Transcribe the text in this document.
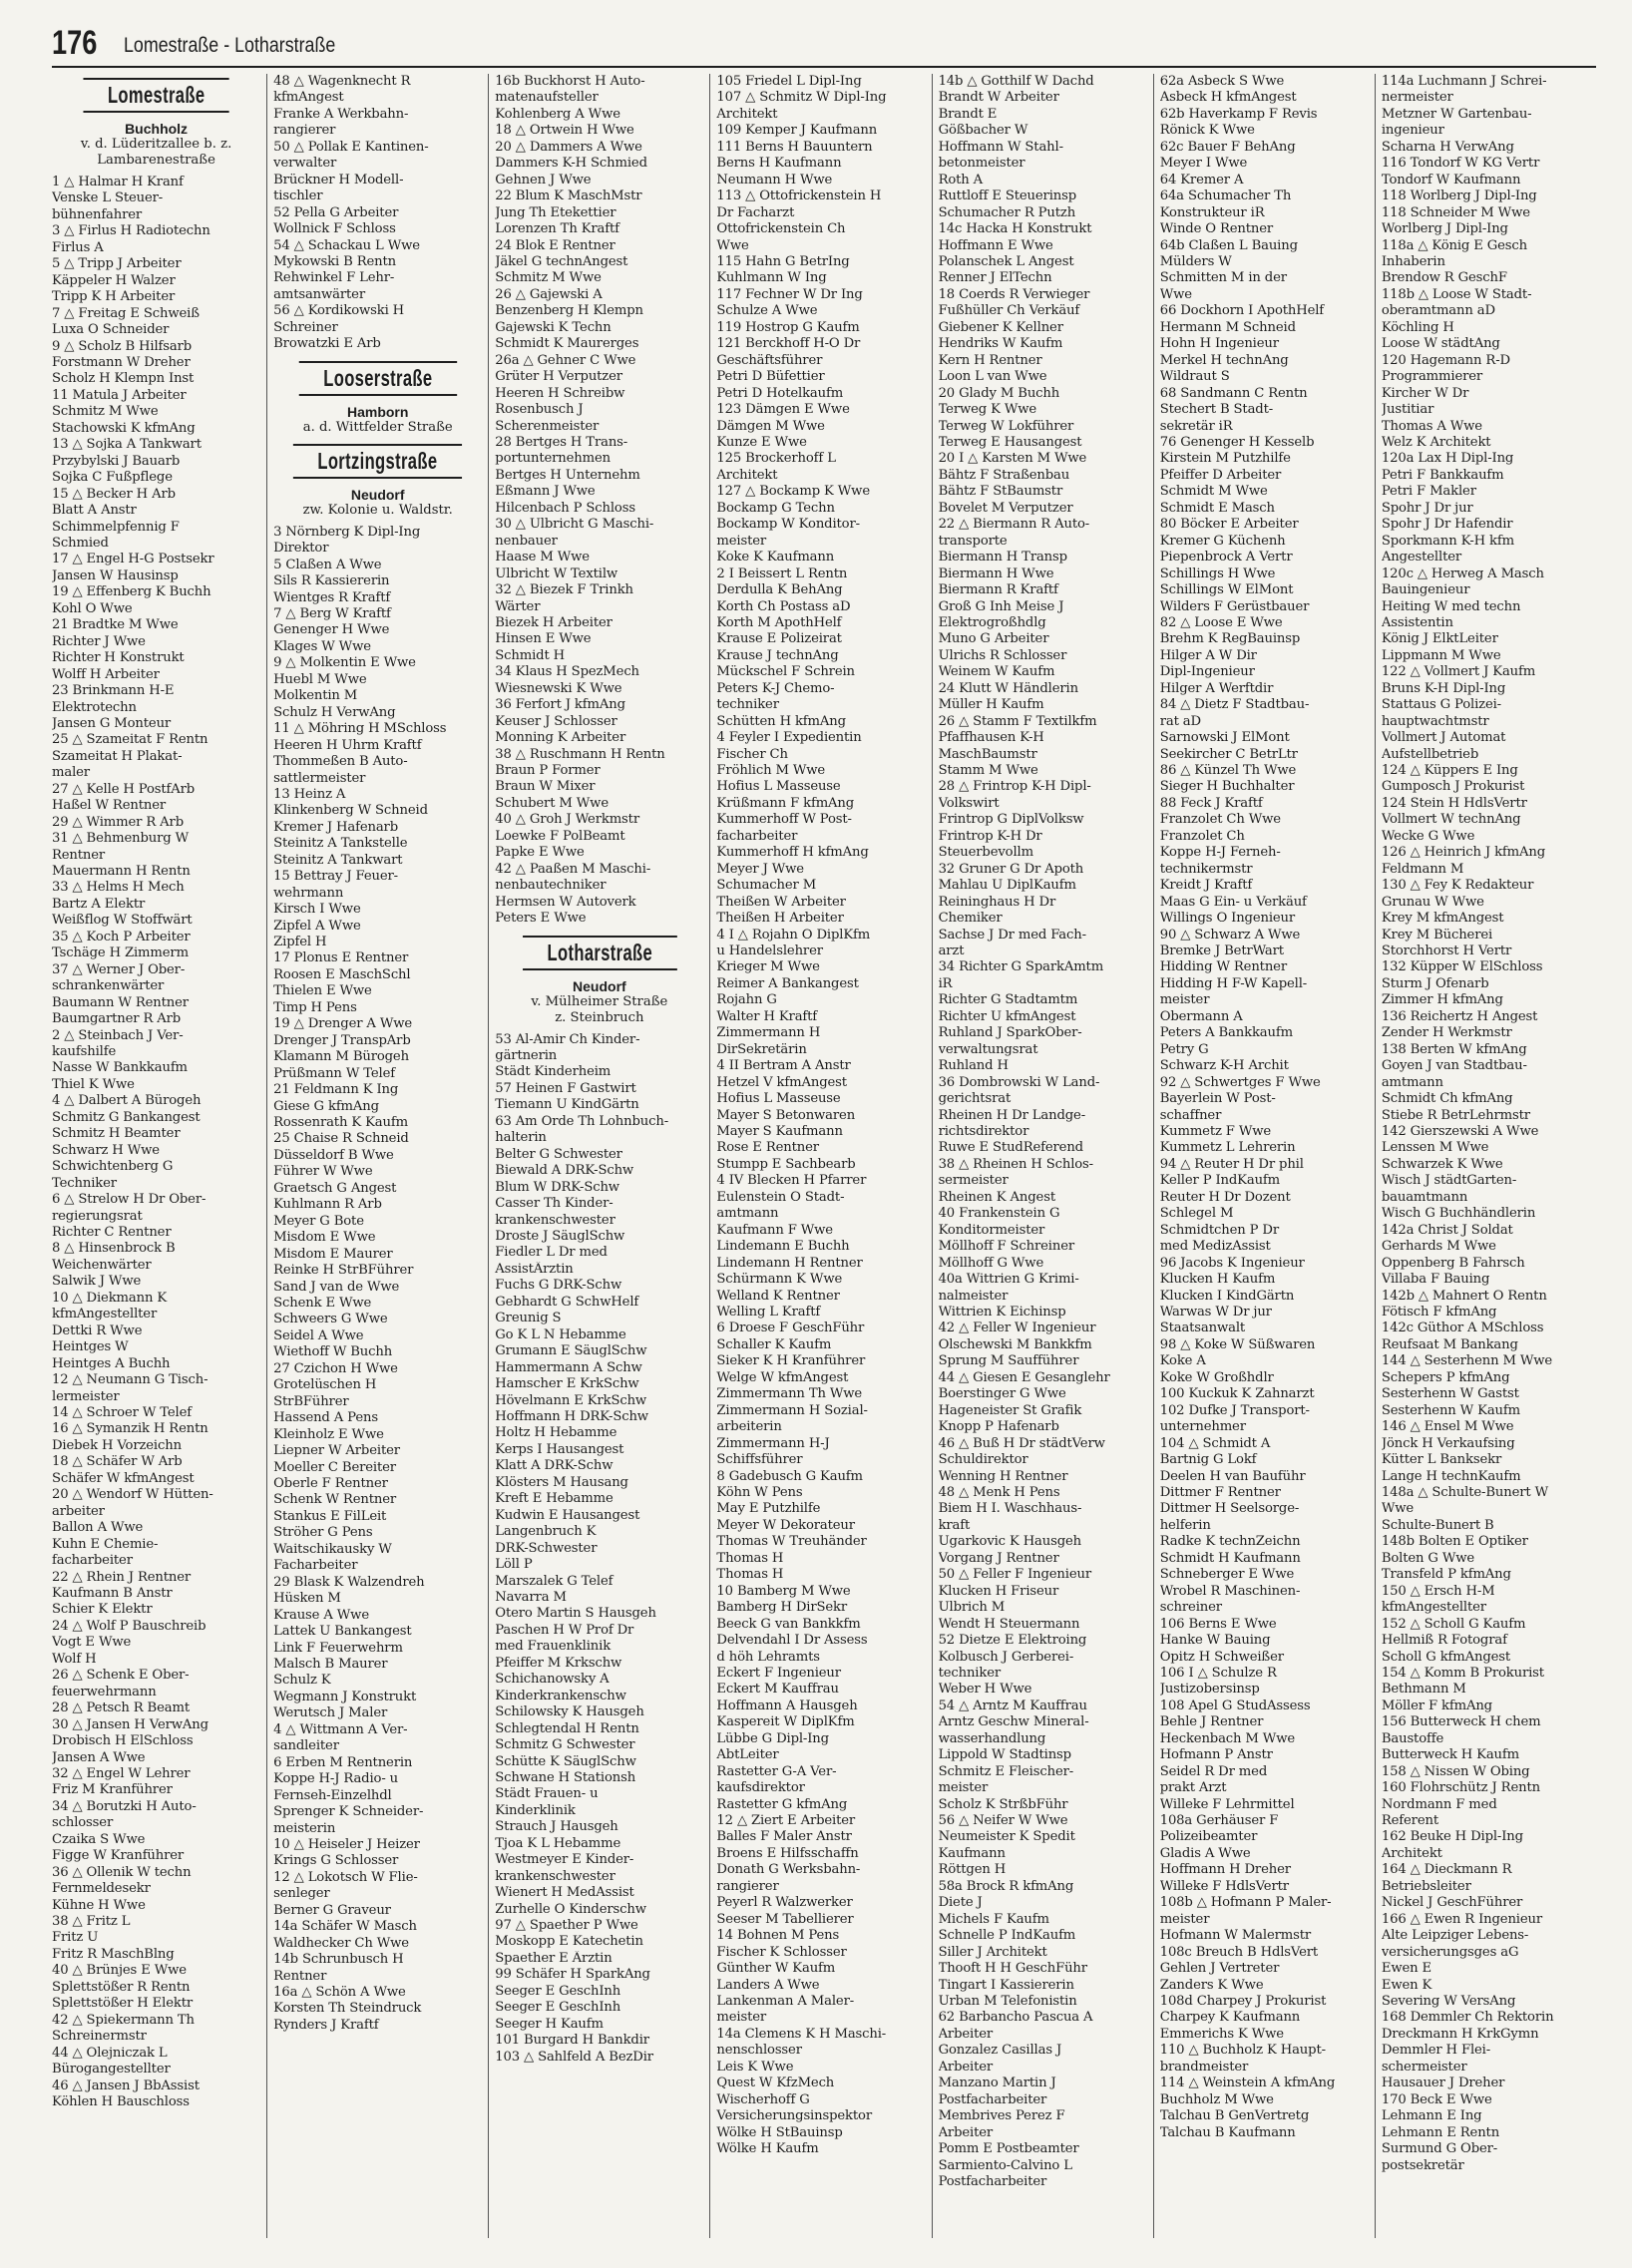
176 Lomestraße - Lotharstraße
Lomestraße
Buchholz
v. d. Lüderitzallee b. z.
Lambarenestraße
1 △ Halmar H Kranf
Venske L Steuer-
bühnenfahrer
3 △ Firlus H Radiotechn
Firlus A
5 △ Tripp J Arbeiter
Käppeler H Walzer
Tripp K H Arbeiter
7 △ Freitag E Schweiß
Luxa O Schneider
9 △ Scholz B Hilfsarb
Forstmann W Dreher
Scholz H Klempn Inst
11 Matula J Arbeiter
Schmitz M Wwe
Stachowski K kfmAng
13 △ Sojka A Tankwart
Przybylski J Bauarb
Sojka C Fußpflege
15 △ Becker H Arb
Blatt A Anstr
Schimmelpfennig F
Schmied
17 △ Engel H-G Postsekr
Jansen W Hausinsp
19 △ Effenberg K Buchh
Kohl O Wwe
21 Bradtke M Wwe
Richter J Wwe
Richter H Konstrukt
Wolff H Arbeiter
23 Brinkmann H-E
Elektrotechn
Jansen G Monteur
25 △ Szameitat F Rentn
Szameitat H Plakat-
maler
27 △ Kelle H PostfArb
Haßel W Rentner
29 △ Wimmer R Arb
31 △ Behmenburg W
Rentner
Mauermann H Rentn
33 △ Helms H Mech
Bartz A Elektr
Weißflog W Stoffwärt
35 △ Koch P Arbeiter
Tschäge H Zimmerm
37 △ Werner J Ober-
schrankenwärter
Baumann W Rentner
Baumgartner R Arb
2 △ Steinbach J Ver-
kaufshilfe
Nasse W Bankkaufm
Thiel K Wwe
4 △ Dalbert A Bürogeh
Schmitz G Bankangest
Schmitz H Beamter
Schwarz H Wwe
Schwichtenberg G
Techniker
6 △ Strelow H Dr Ober-
regierungsrat
Richter C Rentner
8 △ Hinsenbrock B
Weichenwärter
Salwik J Wwe
10 △ Diekmann K
kfmAngestellter
Dettki R Wwe
Heintges W
Heintges A Buchh
12 △ Neumann G Tisch-
lermeister
14 △ Schroer W Telef
16 △ Symanzik H Rentn
Diebek H Vorzeichn
18 △ Schäfer W Arb
Schäfer W kfmAngest
20 △ Wendorf W Hütten-
arbeiter
Ballon A Wwe
Kuhn E Chemie-
facharbeiter
22 △ Rhein J Rentner
Kaufmann B Anstr
Schier K Elektr
24 △ Wolf P Bauschreib
Vogt E Wwe
Wolf H
26 △ Schenk E Ober-
feuerwehrmann
28 △ Petsch R Beamt
30 △ Jansen H VerwAng
Drobisch H ElSchloss
Jansen A Wwe
32 △ Engel W Lehrer
Friz M Kranführer
34 △ Borutzki H Auto-
schlosser
Czaika S Wwe
Figge W Kranführer
36 △ Ollenik W techn
Fernmeldesekr
Kühne H Wwe
38 △ Fritz L
Fritz U
Fritz R MaschBlng
40 △ Brünjes E Wwe
Splettstößer R Rentn
Splettstößer H Elektr
42 △ Spiekermann Th
Schreinermstr
44 △ Olejniczak L
Bürogangestellter
46 △ Jansen J BbAssist
Köhlen H Bauschloss
48 △ Wagenknecht R
kfmAngest
Franke A Werkbahn-
rangierer
50 △ Pollak E Kantinen-
verwalter
Brückner H Modell-
tischler
52 Pella G Arbeiter
Wollnick F Schloss
54 △ Schackau L Wwe
Mykowski B Rentn
Rehwinkel F Lehr-
amtsanwärter
56 △ Kordikowski H
Schreiner
Browatzki E Arb
Looserstraße
Hamborn
a. d. Wittfelder Straße
Lortzingstraße
Neudorf
zw. Kolonie u. Waldstr.
3 Nörnberg K Dipl-Ing
Direktor
5 Claßen A Wwe
Sils R Kassiererin
Wientges R Kraftf
7 △ Berg W Kraftf
Genenger H Wwe
Klages W Wwe
9 △ Molkentin E Wwe
Huebl M Wwe
Molkentin M
Schulz H VerwAng
11 △ Möhring H MSchloss
Heeren H Uhrm Kraftf
Thommeßen B Auto-
sattlermeister
13 Heinz A
Klinkenberg W Schneid
Kremer J Hafenarb
Steinitz A Tankstelle
Steinitz A Tankwart
15 Bettray J Feuer-
wehrmann
Kirsch I Wwe
Zipfel A Wwe
Zipfel H
17 Plonus E Rentner
Roosen E MaschSchl
Thielen E Wwe
Timp H Pens
19 △ Drenger A Wwe
Drenger J TranspArb
Klamann M Bürogeh
Prüßmann W Telef
21 Feldmann K Ing
Giese G kfmAng
Rossenrath K Kaufm
25 Chaise R Schneid
Düsseldorf B Wwe
Führer W Wwe
Graetsch G Angest
Kuhlmann R Arb
Meyer G Bote
Misdom E Wwe
Misdom E Maurer
Reinke H StrBFührer
Sand J van de Wwe
Schenk E Wwe
Schweers G Wwe
Seidel A Wwe
Wiethoff W Buchh
27 Czichon H Wwe
Grotelüschen H
StrBFührer
Hassend A Pens
Kleinholz E Wwe
Liepner W Arbeiter
Moeller C Bereiter
Oberle F Rentner
Schenk W Rentner
Stankus E FilLeit
Ströher G Pens
Waitschikausky W
Facharbeiter
29 Blask K Walzendreh
Hüsken M
Krause A Wwe
Lattek U Bankangest
Link F Feuerwehrm
Malsch B Maurer
Schulz K
Wegmann J Konstrukt
Werutsch J Maler
4 △ Wittmann A Ver-
sandleiter
6 Erben M Rentnerin
Koppe H-J Radio- u
Fernseh-Einzelhdl
Sprenger K Schneider-
meisterin
10 △ Heiseler J Heizer
Krings G Schlosser
12 △ Lokotsch W Flie-
senleger
Berner G Graveur
14a Schäfer W Masch
Waldhecker Ch Wwe
14b Schrunbusch H
Rentner
16a △ Schön A Wwe
Korsten Th Steindruck
Rynders J Kraftf
16b Buckhorst H Auto-
matenaufsteller
Kohlenberg A Wwe
18 △ Ortwein H Wwe
20 △ Dammers A Wwe
Dammers K-H Schmied
Gehnen J Wwe
22 Blum K MaschMstr
Jung Th Etekettier
Lorenzen Th Kraftf
24 Blok E Rentner
Jäkel G technAngest
Schmitz M Wwe
26 △ Gajewski A
Benzenberg H Klempn
Gajewski K Techn
Schmidt K Maurerges
26a △ Gehner C Wwe
Grüter H Verputzer
Heeren H Schreibw
Rosenbusch J
Scherenmeister
28 Bertges H Trans-
portunternehmen
Bertges H Unternehm
Eßmann J Wwe
Hilcenbach P Schloss
30 △ Ulbricht G Maschi-
nenbauer
Haase M Wwe
Ulbricht W Textilw
32 △ Biezek F Trinkh
Wärter
Biezek H Arbeiter
Hinsen E Wwe
Schmidt H
34 Klaus H SpezMech
Wiesnewski K Wwe
36 Ferfort J kfmAng
Keuser J Schlosser
Monning K Arbeiter
38 △ Ruschmann H Rentn
Braun P Former
Braun W Mixer
Schubert M Wwe
40 △ Groh J Werkmstr
Loewke F PolBeamt
Papke E Wwe
42 △ Paaßen M Maschi-
nenbautechniker
Hermsen W Autoverk
Peters E Wwe
Lotharstraße
Neudorf
v. Mülheimer Straße
z. Steinbruch
53 Al-Amir Ch Kinder-
gärtnerin
Städt Kinderheim
57 Heinen F Gastwirt
Tiemann U KindGärtn
63 Am Orde Th Lohnbuch-
halterin
Belter G Schwester
Biewald A DRK-Schw
Blum W DRK-Schw
Casser Th Kinder-
krankenschwester
Droste J SäuglSchw
Fiedler L Dr med
AssistÄrztin
Fuchs G DRK-Schw
Gebhardt G SchwHelf
Greunig S
Go K L N Hebamme
Grumann E SäuglSchw
Hammermann A Schw
Hamscher E KrkSchw
Hövelmann E KrkSchw
Hoffmann H DRK-Schw
Holtz H Hebamme
Kerps I Hausangest
Klatt A DRK-Schw
Klösters M Hausang
Kreft E Hebamme
Kudwin E Hausangest
Langenbruch K
DRK-Schwester
Löll P
Marszalek G Telef
Navarra M
Otero Martin S Hausgeh
Paschen H W Prof Dr
med Frauenklinik
Pfeiffer M Krkschw
Schichanowsky A
Kinderkrankenschw
Schilowsky K Hausgeh
Schlegtendal H Rentn
Schmitz G Schwester
Schütte K SäuglSchw
Schwane H Stationsh
Städt Frauen- u
Kinderklinik
Strauch J Hausgeh
Tjoa K L Hebamme
Westmeyer E Kinder-
krankenschwester
Wienert H MedAssist
Zurhelle O Kinderschw
97 △ Spaether P Wwe
Moskopp E Katechetin
Spaether E Ärztin
99 Schäfer H SparkAng
Seeger E GeschInh
Seeger E GeschInh
Seeger H Kaufm
101 Burgard H Bankdir
103 △ Sahlfeld A BezDir
105 Friedel L Dipl-Ing
107 △ Schmitz W Dipl-Ing
Architekt
109 Kemper J Kaufmann
111 Berns H Bauuntern
Berns H Kaufmann
Neumann H Wwe
113 △ Ottofrickenstein H
Dr Facharzt
Ottofrickenstein Ch
Wwe
115 Hahn G BetrIng
Kuhlmann W Ing
117 Fechner W Dr Ing
Schulze A Wwe
119 Hostrop G Kaufm
121 Berckhoff H-O Dr
Geschäftsführer
Petri D Büfettier
Petri D Hotelkaufm
123 Dämgen E Wwe
Dämgen M Wwe
Kunze E Wwe
125 Brockerhoff L
Architekt
127 △ Bockamp K Wwe
Bockamp G Techn
Bockamp W Konditor-
meister
Koke K Kaufmann
2 I Beissert L Rentn
Derdulla K BehAng
Korth Ch Postass aD
Korth M ApothHelf
Krause E Polizeirat
Krause J technAng
Mückschel F Schrein
Peters K-J Chemo-
techniker
Schütten H kfmAng
4 Feyler I Expedientin
Fischer Ch
Fröhlich M Wwe
Hofius L Masseuse
Krüßmann F kfmAng
Kummerhoff W Post-
facharbeiter
Kummerhoff H kfmAng
Meyer J Wwe
Schumacher M
Theißen W Arbeiter
Theißen H Arbeiter
4 I △ Rojahn O DiplKfm
u Handelslehrer
Krieger M Wwe
Reimer A Bankangest
Rojahn G
Walter H Kraftf
Zimmermann H
DirSekretärin
4 II Bertram A Anstr
Hetzel V kfmAngest
Hofius L Masseuse
Mayer S Betonwaren
Mayer S Kaufmann
Rose E Rentner
Stumpp E Sachbearb
4 IV Blecken H Pfarrer
Eulenstein O Stadt-
amtmann
Kaufmann F Wwe
Lindemann E Buchh
Lindemann H Rentner
Schürmann K Wwe
Welland K Rentner
Welling L Kraftf
6 Droese F GeschFühr
Schaller K Kaufm
Sieker K H Kranführer
Welge W kfmAngest
Zimmermann Th Wwe
Zimmermann H Sozial-
arbeiterin
Zimmermann H-J
Schiffsführer
8 Gadebusch G Kaufm
Köhn W Pens
May E Putzhilfe
Meyer W Dekorateur
Thomas W Treuhänder
Thomas H
Thomas H
10 Bamberg M Wwe
Bamberg H DirSekr
Beeck G van Bankkfm
Delvendahl I Dr Assess
d höh Lehramts
Eckert F Ingenieur
Eckert M Kauffrau
Hoffmann A Hausgeh
Kaspereit W DiplKfm
Lübbe G Dipl-Ing
AbtLeiter
Rastetter G-A Ver-
kaufsdirektor
Rastetter G kfmAng
12 △ Ziert E Arbeiter
Balles F Maler Anstr
Broens E Hilfsschaffn
Donath G Werksbahn-
rangierer
Peyerl R Walzwerker
Seeser M Tabellierer
14 Bohnen M Pens
Fischer K Schlosser
Günther W Kaufm
Landers A Wwe
Lankenman A Maler-
meister
14a Clemens K H Maschi-
nenschlosser
Leis K Wwe
Quest W KfzMech
Wischerhoff G
Versicherungsinspektor
Wölke H StBauinsp
Wölke H Kaufm
14b △ Gotthilf W Dachd
Brandt W Arbeiter
Brandt E
Gößbacher W
Hoffmann W Stahl-
betonmeister
Roth A
Ruttloff E Steuerinsp
Schumacher R Putzh
14c Hacka H Konstrukt
Hoffmann E Wwe
Polanschek L Angest
Renner J ElTechn
18 Coerds R Verwieger
Fußhüller Ch Verkäuf
Giebener K Kellner
Hendriks W Kaufm
Kern H Rentner
Loon L van Wwe
20 Glady M Buchh
Terweg K Wwe
Terweg W Lokführer
Terweg E Hausangest
20 I △ Karsten M Wwe
Bähtz F Straßenbau
Bähtz F StBaumstr
Bovelet M Verputzer
22 △ Biermann R Auto-
transporte
Biermann H Transp
Biermann H Wwe
Biermann R Kraftf
Groß G Inh Meise J
Elektrogroßhdlg
Muno G Arbeiter
Ulrichs R Schlosser
Weinem W Kaufm
24 Klutt W Händlerin
Müller H Kaufm
26 △ Stamm F Textilkfm
Pfaffhausen K-H
MaschBaumstr
Stamm M Wwe
28 △ Frintrop K-H Dipl-
Volkswirt
Frintrop G DiplVolksw
Frintrop K-H Dr
Steuerbevollm
32 Gruner G Dr Apoth
Mahlau U DiplKaufm
Reininghaus H Dr
Chemiker
Sachse J Dr med Fach-
arzt
34 Richter G SparkAmtm
iR
Richter G Stadtamtm
Richter U kfmAngest
Ruhland J SparkOber-
verwaltungsrat
Ruhland H
36 Dombrowski W Land-
gerichtsrat
Rheinen H Dr Landge-
richtsdirektor
Ruwe E StudReferend
38 △ Rheinen H Schlos-
sermeister
Rheinen K Angest
40 Frankenstein G
Konditormeister
Möllhoff F Schreiner
Möllhoff G Wwe
40a Wittrien G Krimi-
nalmeister
Wittrien K Eichinsp
42 △ Feller W Ingenieur
Olschewski M Bankkfm
Sprung M Saufführer
44 △ Giesen E Gesanglehr
Boerstinger G Wwe
Hageneister St Grafik
Knopp P Hafenarb
46 △ Buß H Dr städtVerw
Schuldirektor
Wenning H Rentner
48 △ Menk H Pens
Biem H I. Waschhaus-
kraft
Ugarkovic K Hausgeh
Vorgang J Rentner
50 △ Feller F Ingenieur
Klucken H Friseur
Ulbrich M
Wendt H Steuermann
52 Dietze E Elektroing
Kolbusch J Gerberei-
techniker
Weber H Wwe
54 △ Arntz M Kauffrau
Arntz Geschw Mineral-
wasserhandlung
Lippold W Stadtinsp
Schmitz E Fleischer-
meister
Scholz K StrßbFühr
56 △ Neifer W Wwe
Neumeister K Spedit
Kaufmann
Röttgen H
58a Brock R kfmAng
Diete J
Michels F Kaufm
Schnelle P IndKaufm
Siller J Architekt
Thooft H H GeschFühr
Tingart I Kassiererin
Urban M Telefonistin
62 Barbancho Pascua A
Arbeiter
Gonzalez Casillas J
Arbeiter
Manzano Martin J
Postfacharbeiter
Membrives Perez F
Arbeiter
Pomm E Postbeamter
Sarmiento-Calvino L
Postfacharbeiter
62a Asbeck S Wwe
Asbeck H kfmAngest
62b Haverkamp F Revis
Rönick K Wwe
62c Bauer F BehAng
Meyer I Wwe
64 Kremer A
64a Schumacher Th
Konstrukteur iR
Winde O Rentner
64b Claßen L Bauing
Mülders W
Schmitten M in der
Wwe
66 Dockhorn I ApothHelf
Hermann M Schneid
Hohn H Ingenieur
Merkel H technAng
Wildraut S
68 Sandmann C Rentn
Stechert B Stadt-
sekretär iR
76 Genenger H Kesselb
Kirstein M Putzhilfe
Pfeiffer D Arbeiter
Schmidt M Wwe
Schmidt E Masch
80 Böcker E Arbeiter
Kremer G Küchenh
Piepenbrock A Vertr
Schillings H Wwe
Schillings W ElMont
Wilders F Gerüstbauer
82 △ Loose E Wwe
Brehm K RegBauinsp
Hilger A W Dir
Dipl-Ingenieur
Hilger A Werftdir
84 △ Dietz F Stadtbau-
rat aD
Sarnowski J ElMont
Seekircher C BetrLtr
86 △ Künzel Th Wwe
Sieger H Buchhalter
88 Feck J Kraftf
Franzolet Ch Wwe
Franzolet Ch
Koppe H-J Ferneh-
technikermstr
Kreidt J Kraftf
Maas G Ein- u Verkäuf
Willings O Ingenieur
90 △ Schwarz A Wwe
Bremke J BetrWart
Hidding W Rentner
Hidding H F-W Kapell-
meister
Obermann A
Peters A Bankkaufm
Petry G
Schwarz K-H Archit
92 △ Schwertges F Wwe
Bayerlein W Post-
schaffner
Kummetz F Wwe
Kummetz L Lehrerin
94 △ Reuter H Dr phil
Keller P IndKaufm
Reuter H Dr Dozent
Schlegel M
Schmidtchen P Dr
med MedizAssist
96 Jacobs K Ingenieur
Klucken H Kaufm
Klucken I KindGärtn
Warwas W Dr jur
Staatsanwalt
98 △ Koke W Süßwaren
Koke A
Koke W Großhdlr
100 Kuckuk K Zahnarzt
102 Dufke J Transport-
unternehmer
104 △ Schmidt A
Bartnig G Lokf
Deelen H van Bauführ
Dittmer F Rentner
Dittmer H Seelsorge-
helferin
Radke K technZeichn
Schmidt H Kaufmann
Schneberger E Wwe
Wrobel R Maschinen-
schreiner
106 Berns E Wwe
Hanke W Bauing
Opitz H Schweißer
106 I △ Schulze R
Justizobersinsp
108 Apel G StudAssess
Behle J Rentner
Heckenbach M Wwe
Hofmann P Anstr
Seidel R Dr med
prakt Arzt
Willeke F Lehrmittel
108a Gerhäuser F
Polizeibeamter
Gladis A Wwe
Hoffmann H Dreher
Willeke F HdlsVertr
108b △ Hofmann P Maler-
meister
Hofmann W Malermstr
108c Breuch B HdlsVert
Gehlen J Vertreter
Zanders K Wwe
108d Charpey J Prokurist
Charpey K Kaufmann
Emmerichs K Wwe
110 △ Buchholz K Haupt-
brandmeister
114 △ Weinstein A kfmAng
Buchholz M Wwe
Talchau B GenVertretg
Talchau B Kaufmann
114a Luchmann J Schrei-
nermeister
Metzner W Gartenbau-
ingenieur
Scharna H VerwAng
116 Tondorf W KG Vertr
Tondorf W Kaufmann
118 Worlberg J Dipl-Ing
118 Schneider M Wwe
Worlberg J Dipl-Ing
118a △ König E Gesch
Inhaberin
Brendow R GeschF
118b △ Loose W Stadt-
oberamtmann aD
Köchling H
Loose W städtAng
120 Hagemann R-D
Programmierer
Kircher W Dr
Justitiar
Thomas A Wwe
Welz K Architekt
120a Lax H Dipl-Ing
Petri F Bankkaufm
Petri F Makler
Spohr J Dr jur
Spohr J Dr Hafendir
Sporkmann K-H kfm
Angestellter
120c △ Herweg A Masch
Bauingenieur
Heiting W med techn
Assistentin
König J ElktLeiter
Lippmann M Wwe
122 △ Vollmert J Kaufm
Bruns K-H Dipl-Ing
Stattaus G Polizei-
hauptwachtmstr
Vollmert J Automat
Aufstellbetrieb
124 △ Küppers E Ing
Gumposch J Prokurist
124 Stein H HdlsVertr
Vollmert W technAng
Wecke G Wwe
126 △ Heinrich J kfmAng
Feldmann M
130 △ Fey K Redakteur
Grunau W Wwe
Krey M kfmAngest
Krey M Bücherei
Storchhorst H Vertr
132 Küpper W ElSchloss
Sturm J Ofenarb
Zimmer H kfmAng
136 Reichertz H Angest
Zender H Werkmstr
138 Berten W kfmAng
Goyen J van Stadtbau-
amtmann
Schmidt Ch kfmAng
Stiebe R BetrLehrmstr
142 Gierszewski A Wwe
Lenssen M Wwe
Schwarzek K Wwe
Wisch J städtGarten-
bauamtmann
Wisch G Buchhändlerin
142a Christ J Soldat
Gerhards M Wwe
Oppenberg B Fahrsch
Villaba F Bauing
142b △ Mahnert O Rentn
Fötisch F kfmAng
142c Güthor A MSchloss
Reufsaat M Bankang
144 △ Sesterhenn M Wwe
Schepers P kfmAng
Sesterhenn W Gastst
Sesterhenn W Kaufm
146 △ Ensel M Wwe
Jönck H Verkaufsing
Kütter L Banksekr
Lange H technKaufm
148a △ Schulte-Bunert W
Wwe
Schulte-Bunert B
148b Bolten E Optiker
Bolten G Wwe
Transfeld P kfmAng
150 △ Ersch H-M
kfmAngestellter
152 △ Scholl G Kaufm
Hellmiß R Fotograf
Scholl G kfmAngest
154 △ Komm B Prokurist
Bethmann M
Möller F kfmAng
156 Butterweck H chem
Baustoffe
Butterweck H Kaufm
158 △ Nissen W Obing
160 Flohrschütz J Rentn
Nordmann F med
Referent
162 Beuke H Dipl-Ing
Architekt
164 △ Dieckmann R
Betriebsleiter
Nickel J GeschFührer
166 △ Ewen R Ingenieur
Alte Leipziger Lebens-
versicherungsges aG
Ewen E
Ewen K
Severing W VersAng
168 Demmler Ch Rektorin
Dreckmann H KrkGymn
Demmler H Flei-
schermeister
Hausauer J Dreher
170 Beck E Wwe
Lehmann E Ing
Lehmann E Rentn
Surmund G Ober-
postsekretär
